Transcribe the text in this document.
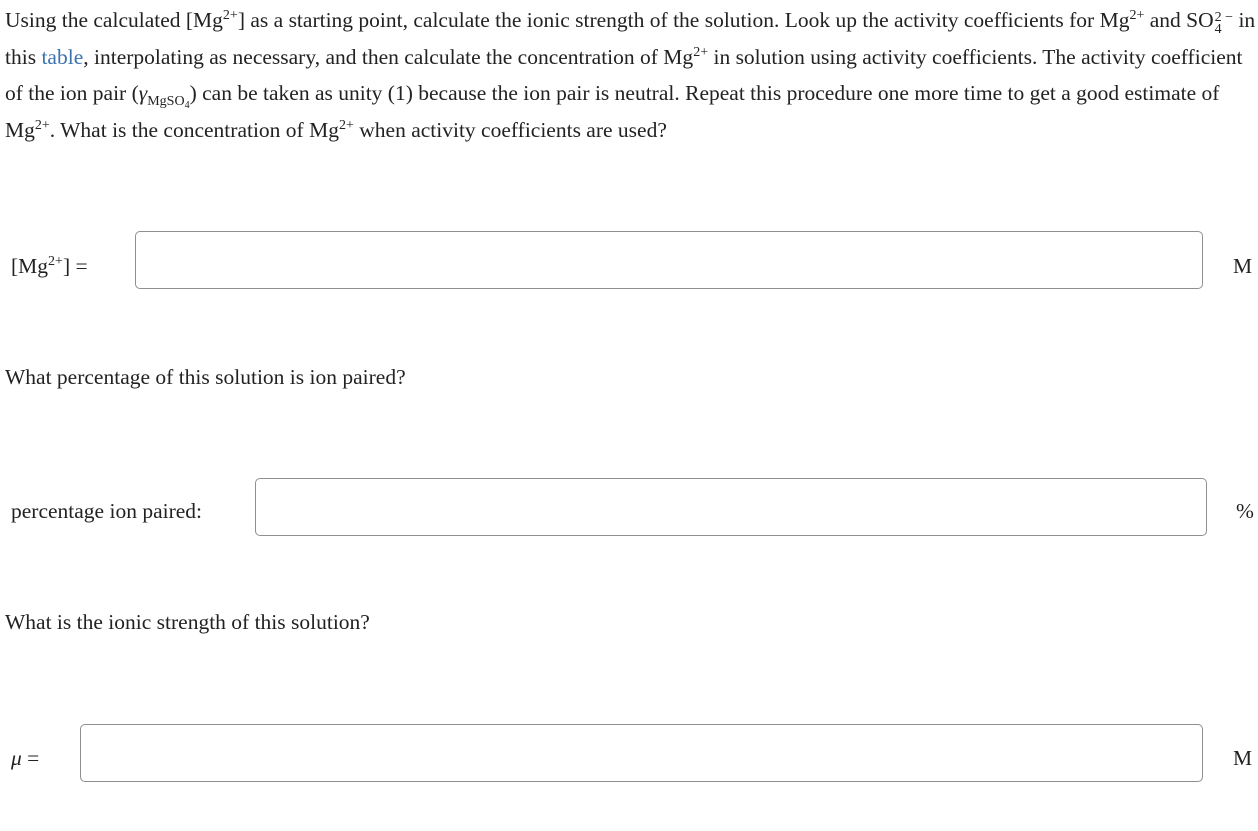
Using the calculated $[Mg^{2+}]$ as a starting point, calculate the ionic strength of the solution. Look up the activity coefficients for $Mg^{2+}$ and SO 2 −
4 in this table, interpolating as necessary, and then calculate the concentration of $Mg^{2+}$ in solution using activity coefficients. The activity coefficient of the ion pair $(\gamma_{MgSO_4})$ can be taken as unity (1) because the ion pair is neutral. Repeat this procedure one more time to get a good estimate of $Mg^{2+}$. What is the concentration of $Mg^{2+}$ when activity coefficients are used?

$[Mg^{2+}]$ =	M

What percentage of this solution is ion paired?

percentage ion paired:	%

What is the ionic strength of this solution?

μ =	M
